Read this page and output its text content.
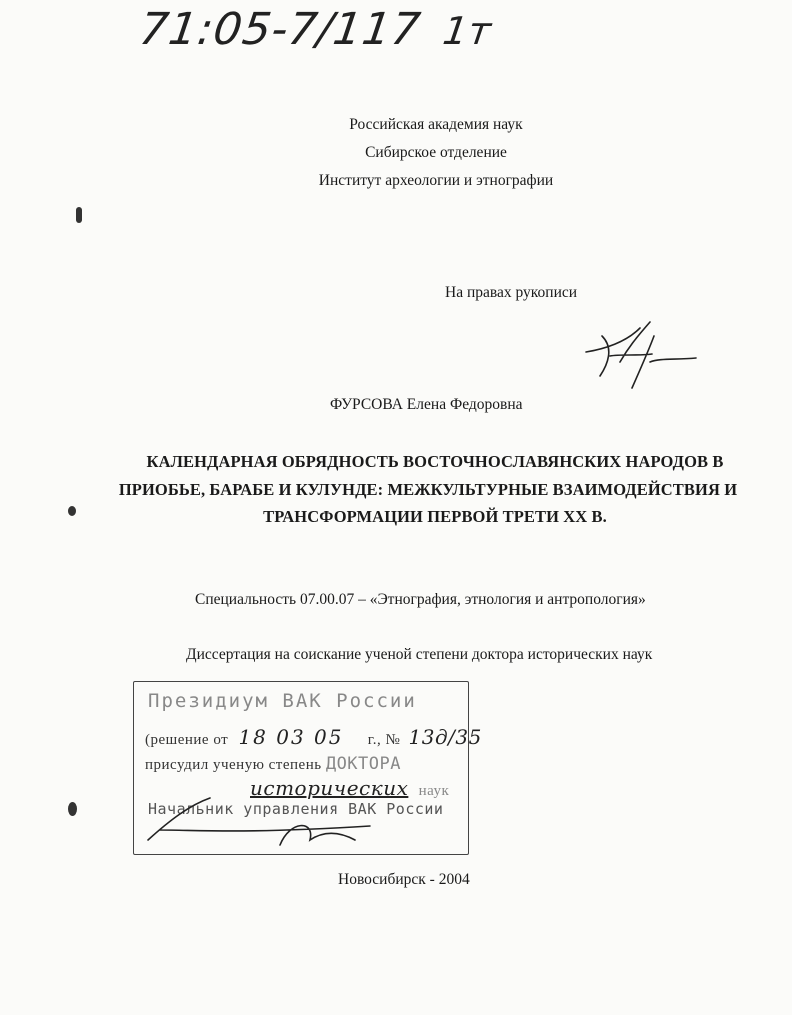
71:05-7/117 1т
Российская академия наук
Сибирское отделение
Институт археологии и этнографии
На правах рукописи
ФУРСОВА Елена Федоровна
КАЛЕНДАРНАЯ ОБРЯДНОСТЬ ВОСТОЧНОСЛАВЯНСКИХ НАРОДОВ В
ПРИОБЬЕ, БАРАБЕ И КУЛУНДЕ: МЕЖКУЛЬТУРНЫЕ ВЗАИМОДЕЙСТВИЯ И
ТРАНСФОРМАЦИИ ПЕРВОЙ ТРЕТИ XX В.
Специальность 07.00.07 – «Этнография, этнология и антропология»
Диссертация на соискание ученой степени доктора исторических наук
Президиум ВАК России
(решение от 18 03 05 г., № 13д/35
присудил ученую степень ДОКТОРА
исторических наук
Начальник управления ВАК России
Новосибирск - 2004
